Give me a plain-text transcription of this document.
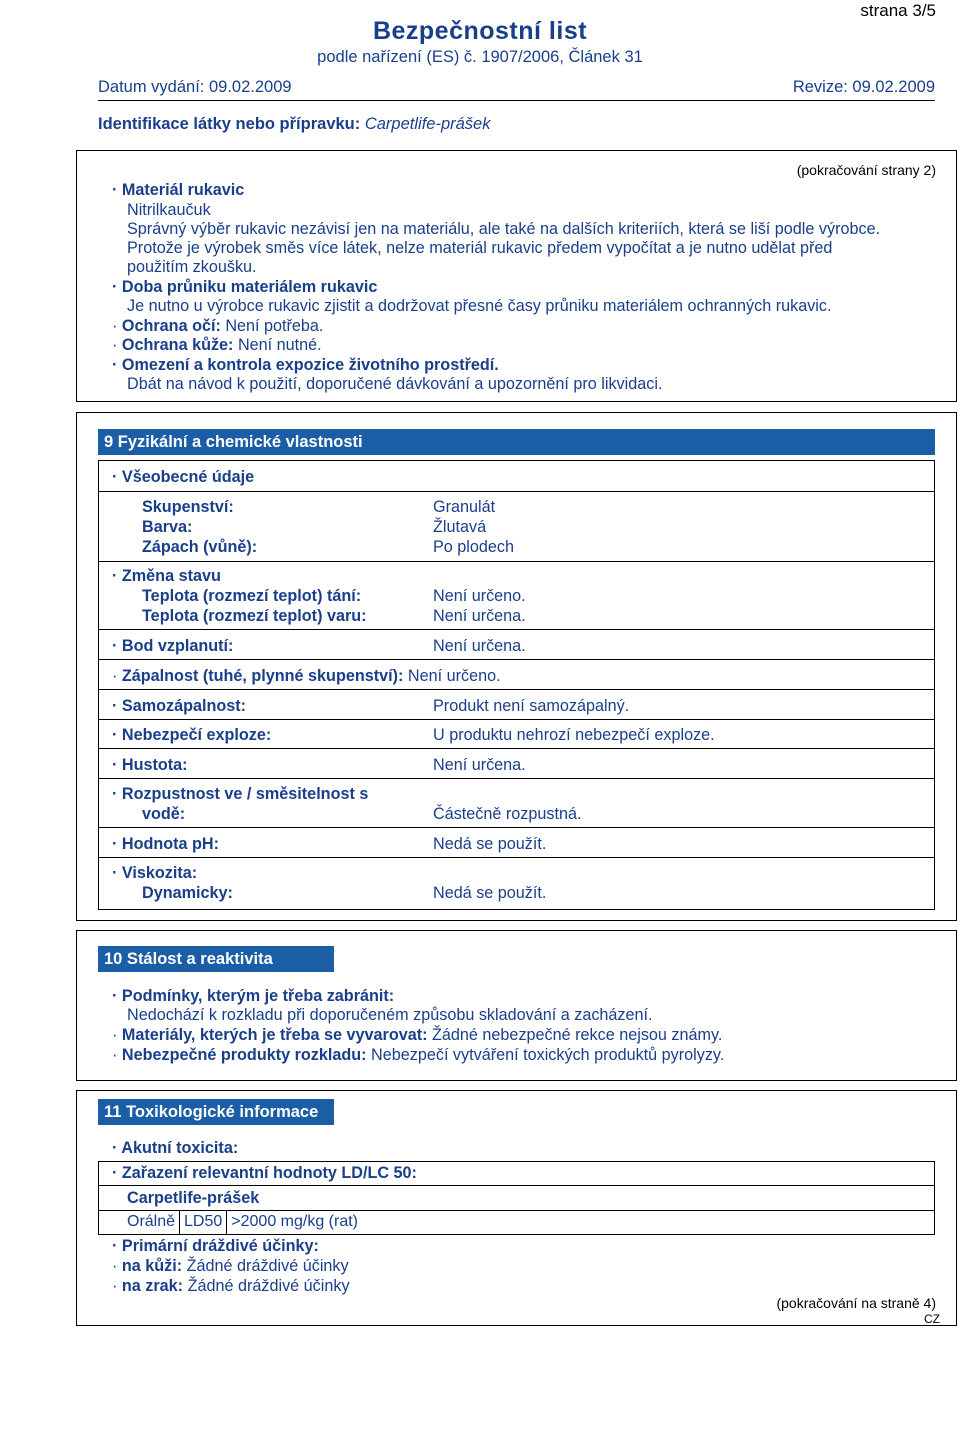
strana 3/5
Bezpečnostní list
podle nařízení (ES) č. 1907/2006, Článek 31
Datum vydání: 09.02.2009	Revize: 09.02.2009
Identifikace látky nebo přípravku: Carpetlife-prášek
(pokračování strany 2)
· Materiál rukavic
Nitrilkaučuk
Správný výběr rukavic nezávisí jen na materiálu, ale také na dalších kriteriích, která se liší podle výrobce.
Protože je výrobek směs více látek, nelze materiál rukavic předem vypočítat a je nutno udělat před
použitím zkoušku.
· Doba průniku materiálem rukavic
Je nutno u výrobce rukavic zjistit a dodržovat přesné časy průniku materiálem ochranných rukavic.
· Ochrana očí: Není potřeba.
· Ochrana kůže: Není nutné.
· Omezení a kontrola expozice životního prostředí.
Dbát na návod k použití, doporučené dávkování a upozornění pro likvidaci.
9 Fyzikální a chemické vlastnosti
· Všeobecné údaje
Skupenství:	Granulát
Barva:	Žlutavá
Zápach (vůně):	Po plodech
· Změna stavu
Teplota (rozmezí teplot) tání:	Není určeno.
Teplota (rozmezí teplot) varu:	Není určena.
· Bod vzplanutí:	Není určena.
· Zápalnost (tuhé, plynné skupenství): Není určeno.
· Samozápalnost:	Produkt není samozápalný.
· Nebezpečí exploze:	U produktu nehrozí nebezpečí exploze.
· Hustota:	Není určena.
· Rozpustnost ve / směsitelnost s
vodě:	Částečně rozpustná.
· Hodnota pH:	Nedá se použít.
· Viskozita:
Dynamicky:	Nedá se použít.
10 Stálost a reaktivita
· Podmínky, kterým je třeba zabránit:
Nedochází k rozkladu při doporučeném způsobu skladování a zacházení.
· Materiály, kterých je třeba se vyvarovat: Žádné nebezpečné rekce nejsou známy.
· Nebezpečné produkty rozkladu: Nebezpečí vytváření toxických produktů pyrolyzy.
11 Toxikologické informace
· Akutní toxicita:
· Zařazení relevantní hodnoty LD/LC 50:
Carpetlife-prášek
Orálně	LD50	>2000 mg/kg (rat)
· Primární dráždivé účinky:
· na kůži: Žádné dráždivé účinky
· na zrak: Žádné dráždivé účinky
(pokračování na straně 4)
CZ
